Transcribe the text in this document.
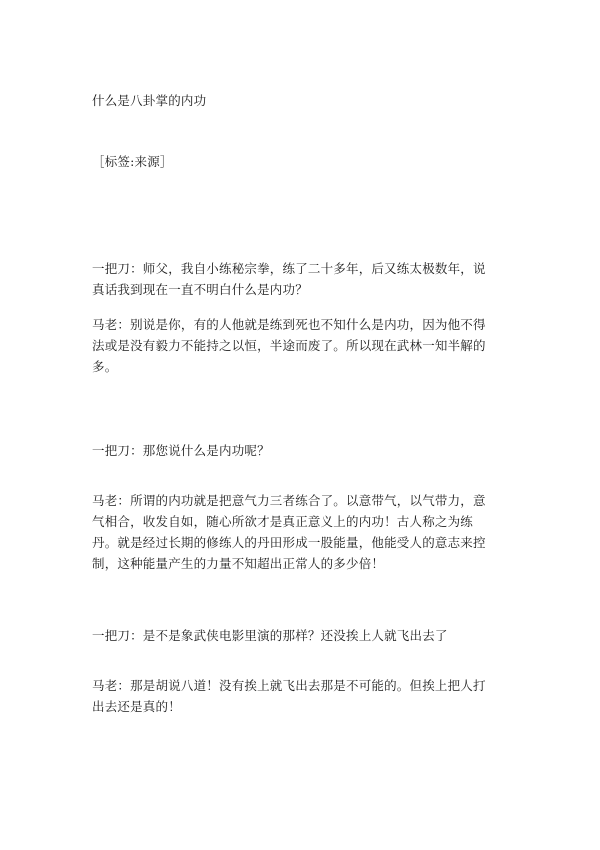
什么是八卦掌的内功

［标签:来源］

一把刀：师父，我自小练秘宗拳，练了二十多年，后又练太极数年，说真话我到现在一直不明白什么是内功？

马老：别说是你，有的人他就是练到死也不知什么是内功，因为他不得法或是没有毅力不能持之以恒，半途而废了。所以现在武林一知半解的多。

一把刀：那您说什么是内功呢？

马老：所谓的内功就是把意气力三者练合了。以意带气，以气带力，意气相合，收发自如，随心所欲才是真正意义上的内功！古人称之为练丹。就是经过长期的修练人的丹田形成一股能量，他能受人的意志来控制，这种能量产生的力量不知超出正常人的多少倍！

一把刀：是不是象武侠电影里演的那样？还没挨上人就飞出去了

马老：那是胡说八道！没有挨上就飞出去那是不可能的。但挨上把人打出去还是真的！
